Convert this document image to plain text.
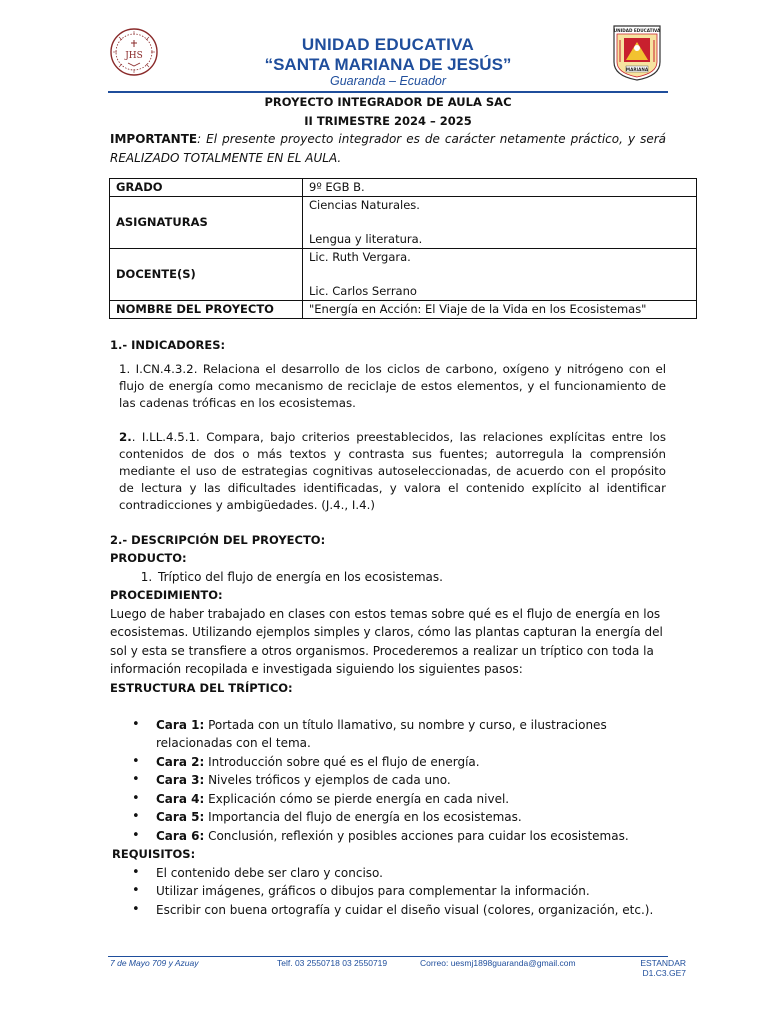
JHS
UNIDAD EDUCATIVA
“SANTA MARIANA DE JESÚS”
Guaranda – Ecuador
UNIDAD EDUCATIVA
MARIANA

PROYECTO INTEGRADOR DE AULA SAC

II TRIMESTRE 2024 – 2025

IMPORTANTE: El presente proyecto integrador es de carácter netamente práctico, y será REALIZADO TOTALMENTE EN EL AULA.

GRADO	9º EGB B.
ASIGNATURAS	Ciencias Naturales.

Lengua y literatura.

DOCENTE(S)	Lic. Ruth Vergara.

Lic. Carlos Serrano

NOMBRE DEL PROYECTO	"Energía en Acción: El Viaje de la Vida en los Ecosistemas"

1.- INDICADORES:

1. I.CN.4.3.2. Relaciona el desarrollo de los ciclos de carbono, oxígeno y nitrógeno con el flujo de energía como mecanismo de reciclaje de estos elementos, y el funcionamiento de las cadenas tróficas en los ecosistemas.

2.. I.LL.4.5.1. Compara, bajo criterios preestablecidos, las relaciones explícitas entre los contenidos de dos o más textos y contrasta sus fuentes; autorregula la comprensión mediante el uso de estrategias cognitivas autoseleccionadas, de acuerdo con el propósito de lectura y las dificultades identificadas, y valora el contenido explícito al identificar contradicciones y ambigüedades. (J.4., I.4.)

2.- DESCRIPCIÓN DEL PROYECTO:

PRODUCTO:

1. Tríptico del flujo de energía en los ecosistemas.

PROCEDIMIENTO:

Luego de haber trabajado en clases con estos temas sobre qué es el flujo de energía en los ecosistemas. Utilizando ejemplos simples y claros, cómo las plantas capturan la energía del sol y esta se transfiere a otros organismos. Procederemos a realizar un tríptico con toda la información recopilada e investigada siguiendo los siguientes pasos:

ESTRUCTURA DEL TRÍPTICO:

• Cara 1: Portada con un título llamativo, su nombre y curso, e ilustraciones relacionadas con el tema.
• Cara 2: Introducción sobre qué es el flujo de energía.
• Cara 3: Niveles tróficos y ejemplos de cada uno.
• Cara 4: Explicación cómo se pierde energía en cada nivel.
• Cara 5: Importancia del flujo de energía en los ecosistemas.
• Cara 6: Conclusión, reflexión y posibles acciones para cuidar los ecosistemas.

REQUISITOS:

• El contenido debe ser claro y conciso.
• Utilizar imágenes, gráficos o dibujos para complementar la información.
• Escribir con buena ortografía y cuidar el diseño visual (colores, organización, etc.).
7 de Mayo 709 y Azuay	Telf. 03 2550718 03 2550719	Correo: uesmj1898guaranda@gmail.com	ESTANDAR
D1.C3.GE7
